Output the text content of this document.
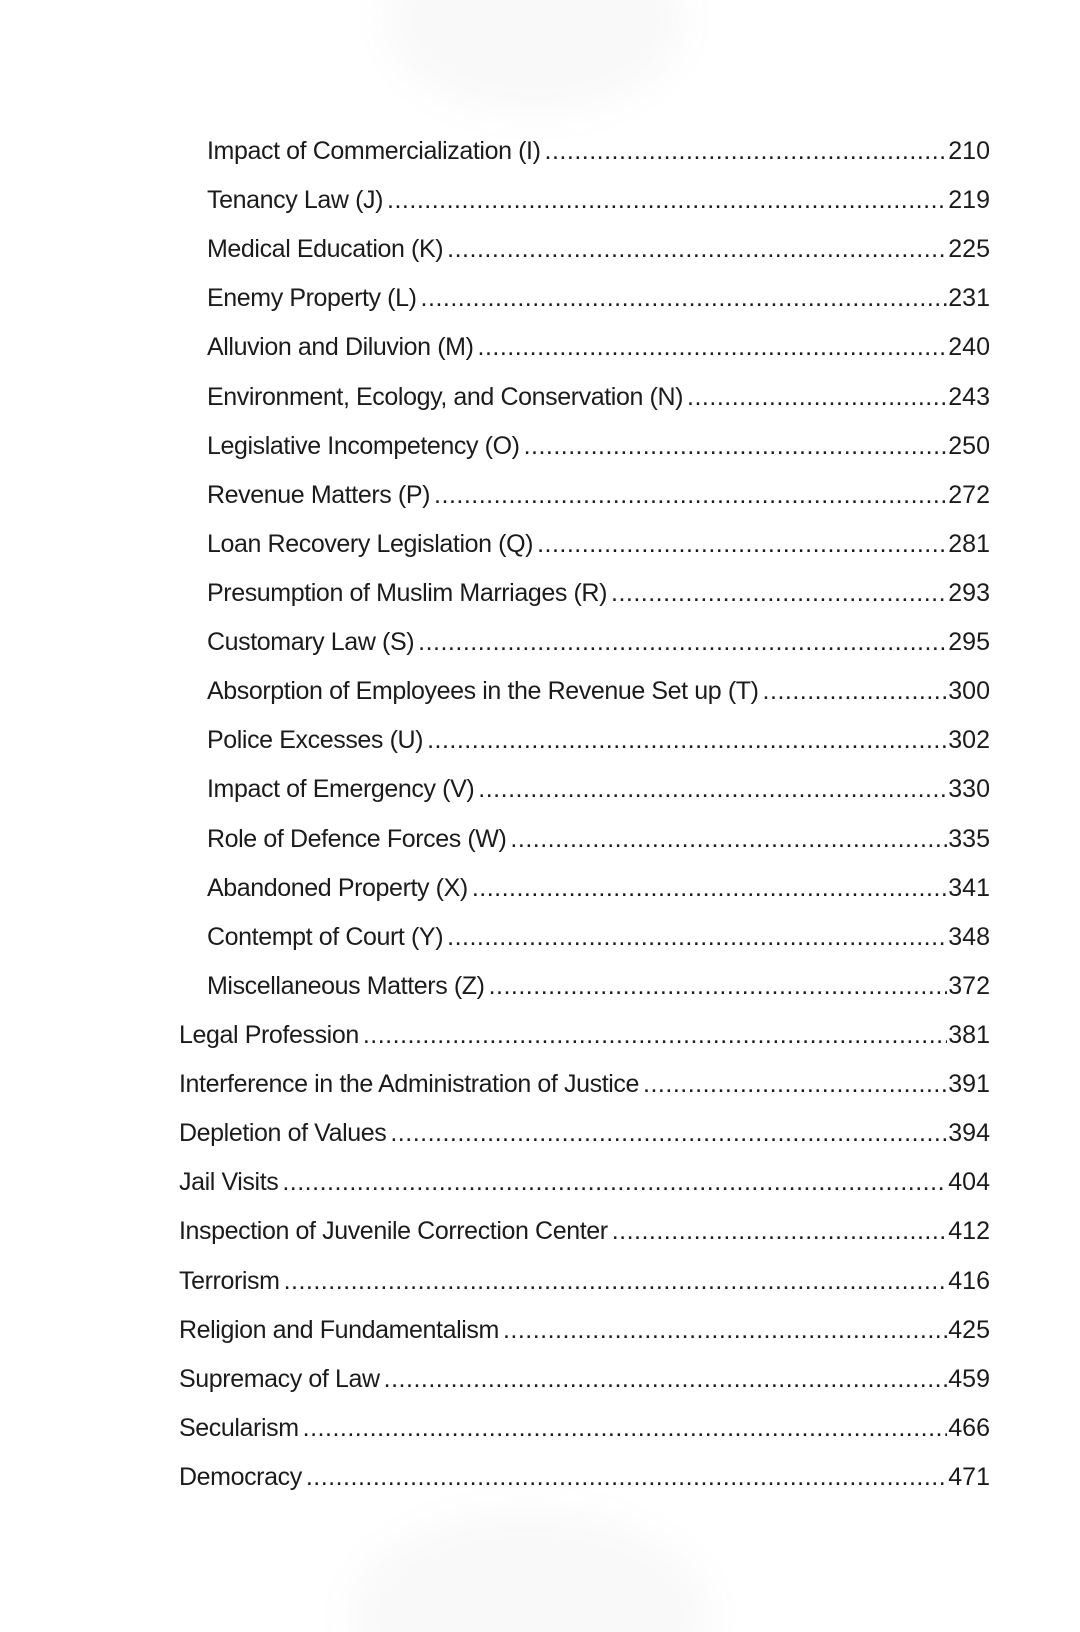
Impact of Commercialization (I) .....	210
Tenancy Law (J) .....	219
Medical Education (K) .....	225
Enemy Property (L) .....	231
Alluvion and Diluvion (M) .....	240
Environment, Ecology, and Conservation (N) .....	243
Legislative Incompetency (O) .....	250
Revenue Matters (P) .....	272
Loan Recovery Legislation (Q) .....	281
Presumption of Muslim Marriages (R) .....	293
Customary Law (S) .....	295
Absorption of Employees in the Revenue Set up (T) .....	300
Police Excesses (U) .....	302
Impact of Emergency (V) .....	330
Role of Defence Forces (W) .....	335
Abandoned Property (X) .....	341
Contempt of Court (Y) .....	348
Miscellaneous Matters (Z) .....	372
Legal Profession .....	381
Interference in the Administration of Justice .....	391
Depletion of Values .....	394
Jail Visits .....	404
Inspection of Juvenile Correction Center .....	412
Terrorism .....	416
Religion and Fundamentalism .....	425
Supremacy of Law .....	459
Secularism .....	466
Democracy .....	471
